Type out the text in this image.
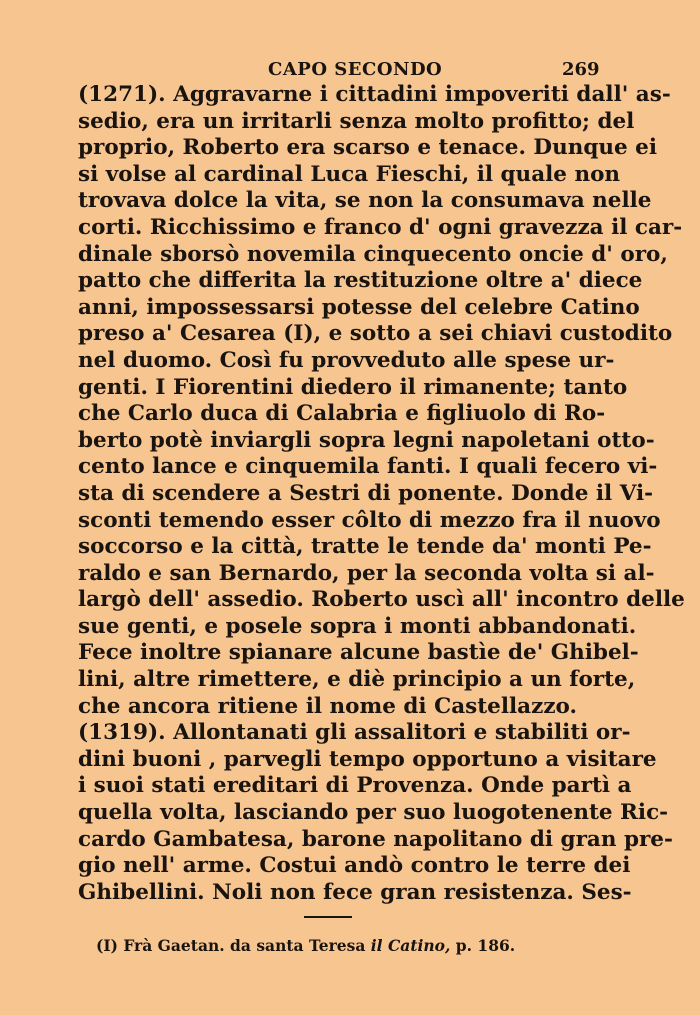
CAPO SECONDO	269
(1271). Aggravarne i cittadini impoveriti dall' as-
sedio, era un irritarli senza molto profitto; del
proprio, Roberto era scarso e tenace. Dunque ei
si volse al cardinal Luca Fieschi, il quale non
trovava dolce la vita, se non la consumava nelle
corti. Ricchissimo e franco d' ogni gravezza il car-
dinale sborsò novemila cinquecento oncie d' oro,
patto che differita la restituzione oltre a' diece
anni, impossessarsi potesse del celebre Catino
preso a' Cesarea (I), e sotto a sei chiavi custodito
nel duomo. Così fu provveduto alle spese ur-
genti. I Fiorentini diedero il rimanente; tanto
che Carlo duca di Calabria e figliuolo di Ro-
berto potè inviargli sopra legni napoletani otto-
cento lance e cinquemila fanti. I quali fecero vi-
sta di scendere a Sestri di ponente. Donde il Vi-
sconti temendo esser côlto di mezzo fra il nuovo
soccorso e la città, tratte le tende da' monti Pe-
raldo e san Bernardo, per la seconda volta si al-
largò dell' assedio. Roberto uscì all' incontro delle
sue genti, e posele sopra i monti abbandonati.
Fece inoltre spianare alcune bastìe de' Ghibel-
lini, altre rimettere, e diè principio a un forte,
che ancora ritiene il nome di Castellazzo.
(1319). Allontanati gli assalitori e stabiliti or-
dini buoni , parvegli tempo opportuno a visitare
i suoi stati ereditari di Provenza. Onde partì a
quella volta, lasciando per suo luogotenente Ric-
cardo Gambatesa, barone napolitano di gran pre-
gio nell' arme. Costui andò contro le terre dei
Ghibellini. Noli non fece gran resistenza. Ses-
(I) Frà Gaetan. da santa Teresa il Catino, p. 186.
